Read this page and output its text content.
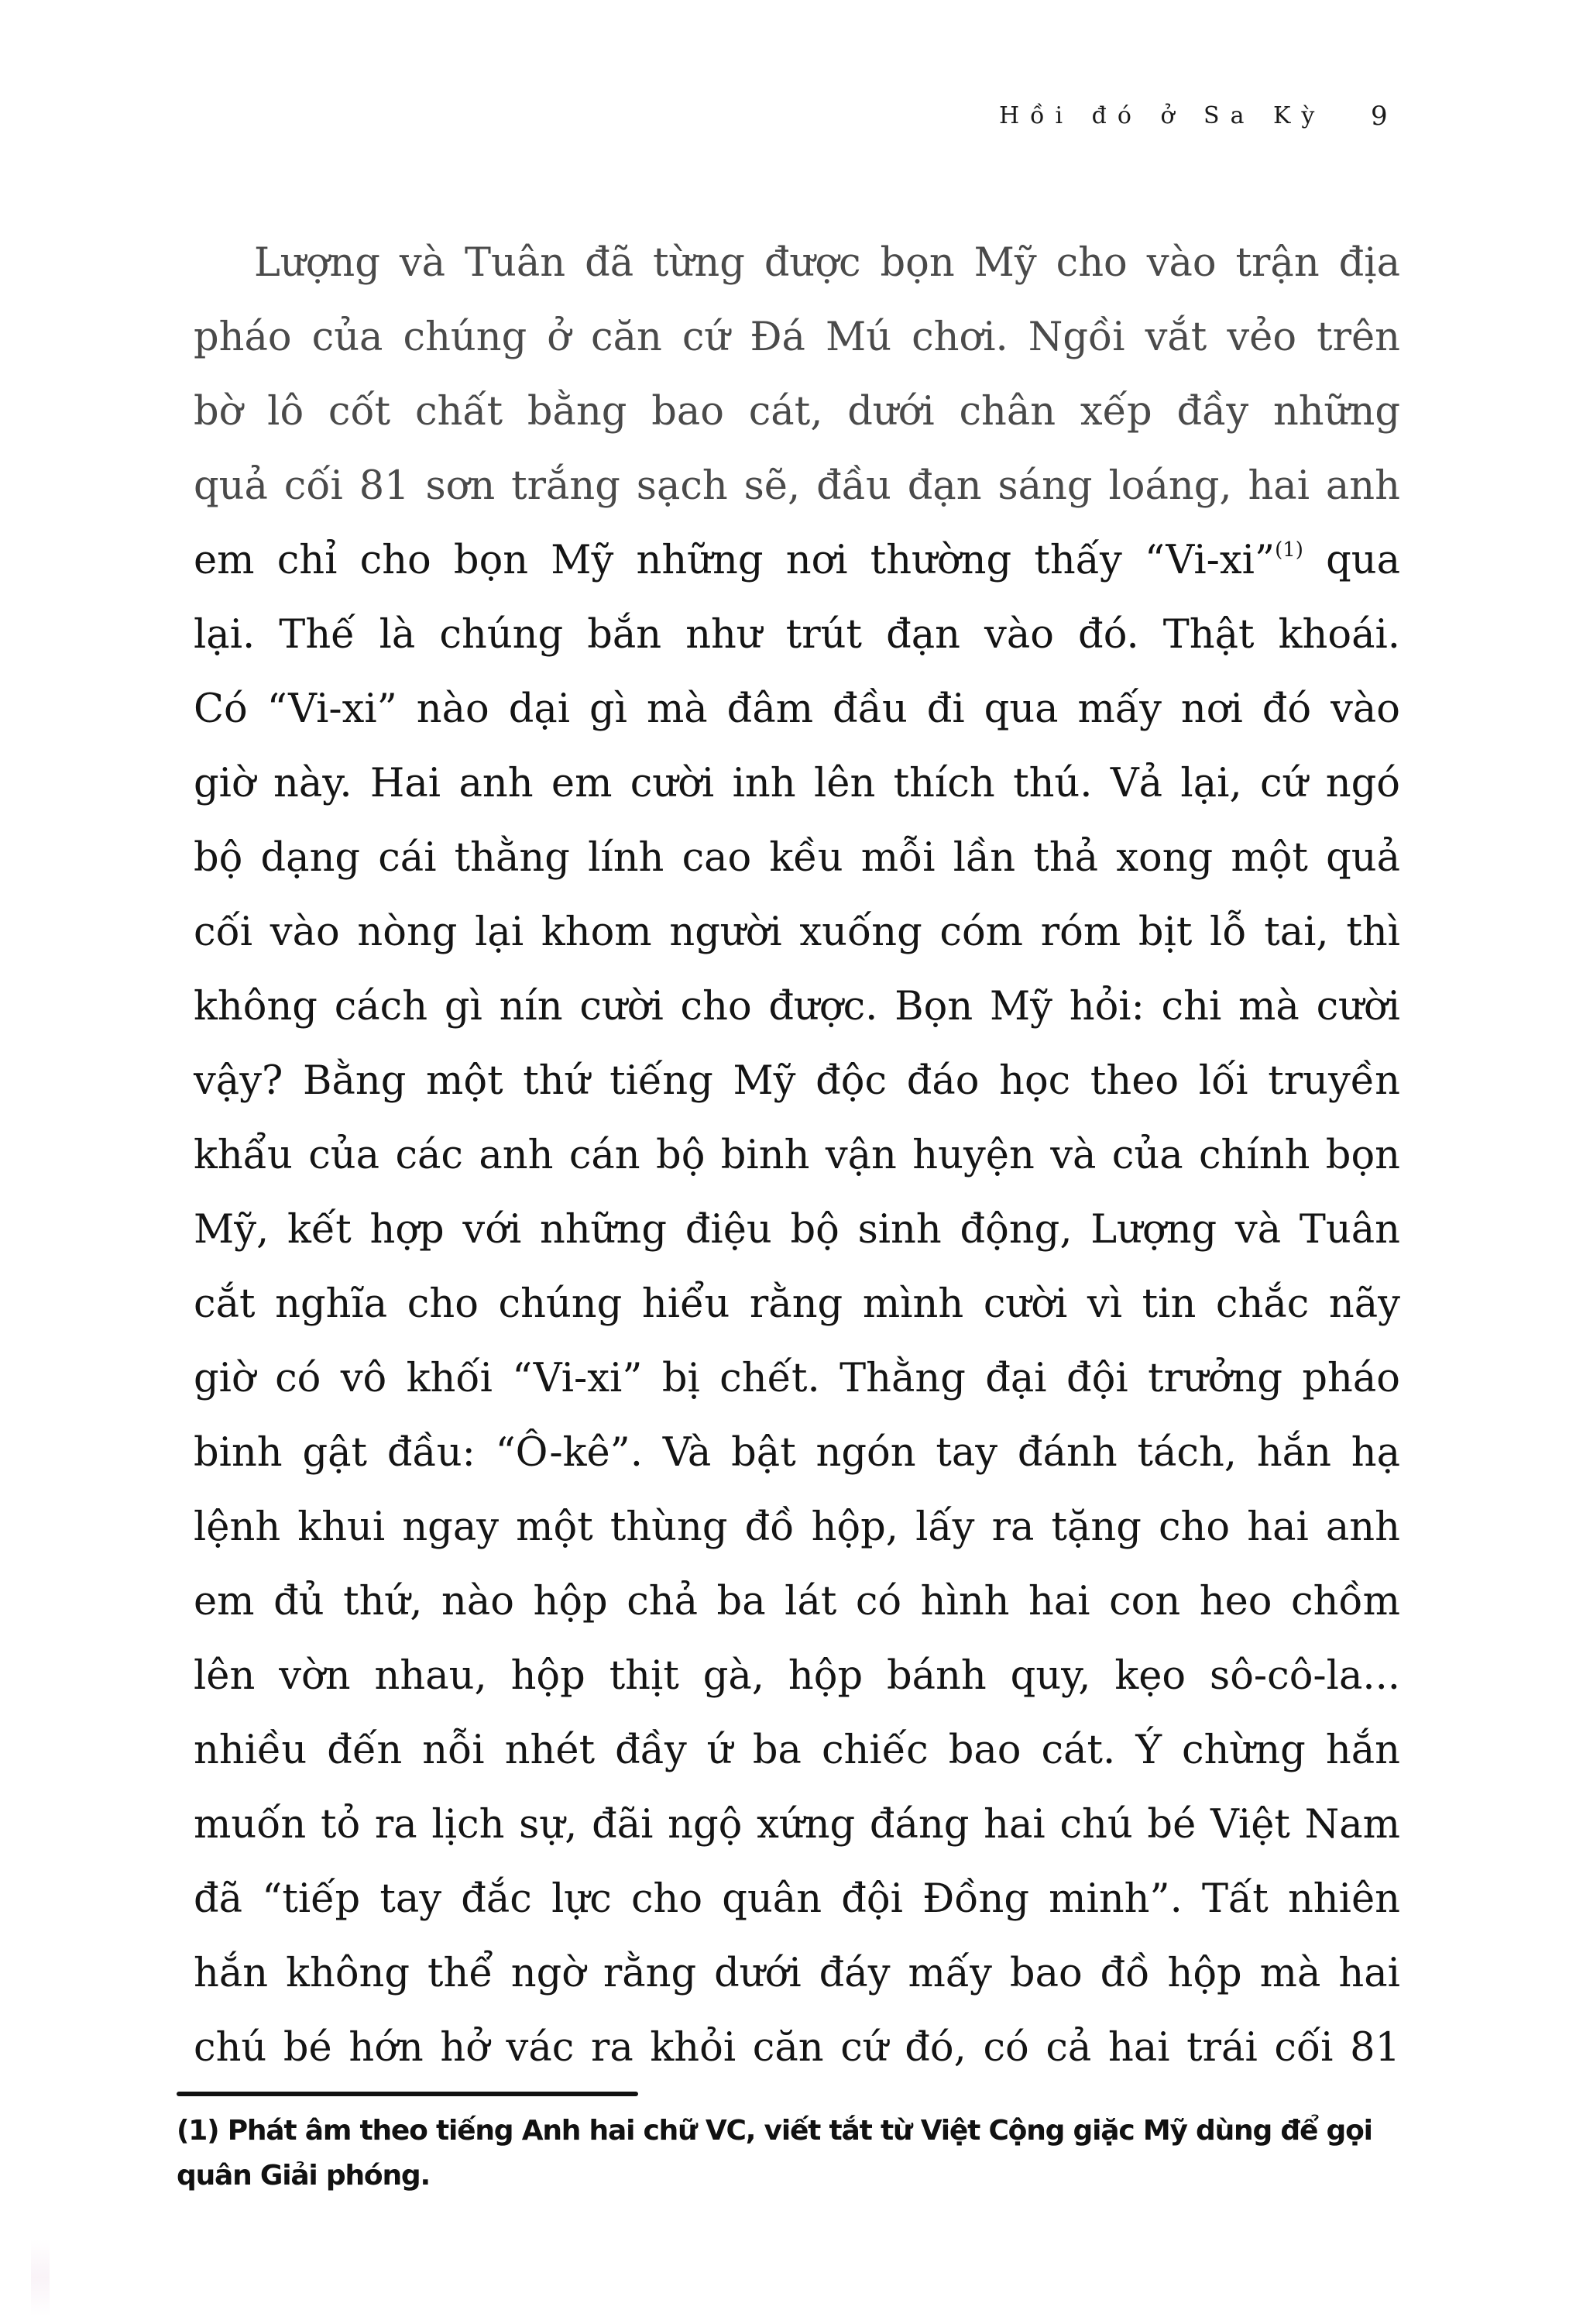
Hồi đó ở Sa Kỳ 9
Lượng và Tuân đã từng được bọn Mỹ cho vào trận địa
pháo của chúng ở căn cứ Đá Mú chơi. Ngồi vắt vẻo trên
bờ lô cốt chất bằng bao cát, dưới chân xếp đầy những
quả cối 81 sơn trắng sạch sẽ, đầu đạn sáng loáng, hai anh
em chỉ cho bọn Mỹ những nơi thường thấy “Vi-xi”$^{(1)}$ qua
lại. Thế là chúng bắn như trút đạn vào đó. Thật khoái.
Có “Vi-xi” nào dại gì mà đâm đầu đi qua mấy nơi đó vào
giờ này. Hai anh em cười inh lên thích thú. Vả lại, cứ ngó
bộ dạng cái thằng lính cao kều mỗi lần thả xong một quả
cối vào nòng lại khom người xuống cóm róm bịt lỗ tai, thì
không cách gì nín cười cho được. Bọn Mỹ hỏi: chi mà cười
vậy? Bằng một thứ tiếng Mỹ độc đáo học theo lối truyền
khẩu của các anh cán bộ binh vận huyện và của chính bọn
Mỹ, kết hợp với những điệu bộ sinh động, Lượng và Tuân
cắt nghĩa cho chúng hiểu rằng mình cười vì tin chắc nãy
giờ có vô khối “Vi-xi” bị chết. Thằng đại đội trưởng pháo
binh gật đầu: “Ô-kê”. Và bật ngón tay đánh tách, hắn hạ
lệnh khui ngay một thùng đồ hộp, lấy ra tặng cho hai anh
em đủ thứ, nào hộp chả ba lát có hình hai con heo chồm
lên vờn nhau, hộp thịt gà, hộp bánh quy, kẹo sô-cô-la...
nhiều đến nỗi nhét đầy ứ ba chiếc bao cát. Ý chừng hắn
muốn tỏ ra lịch sự, đãi ngộ xứng đáng hai chú bé Việt Nam
đã “tiếp tay đắc lực cho quân đội Đồng minh”. Tất nhiên
hắn không thể ngờ rằng dưới đáy mấy bao đồ hộp mà hai
chú bé hớn hở vác ra khỏi căn cứ đó, có cả hai trái cối 81
(1) Phát âm theo tiếng Anh hai chữ VC, viết tắt từ Việt Cộng giặc Mỹ dùng để gọi
quân Giải phóng.
